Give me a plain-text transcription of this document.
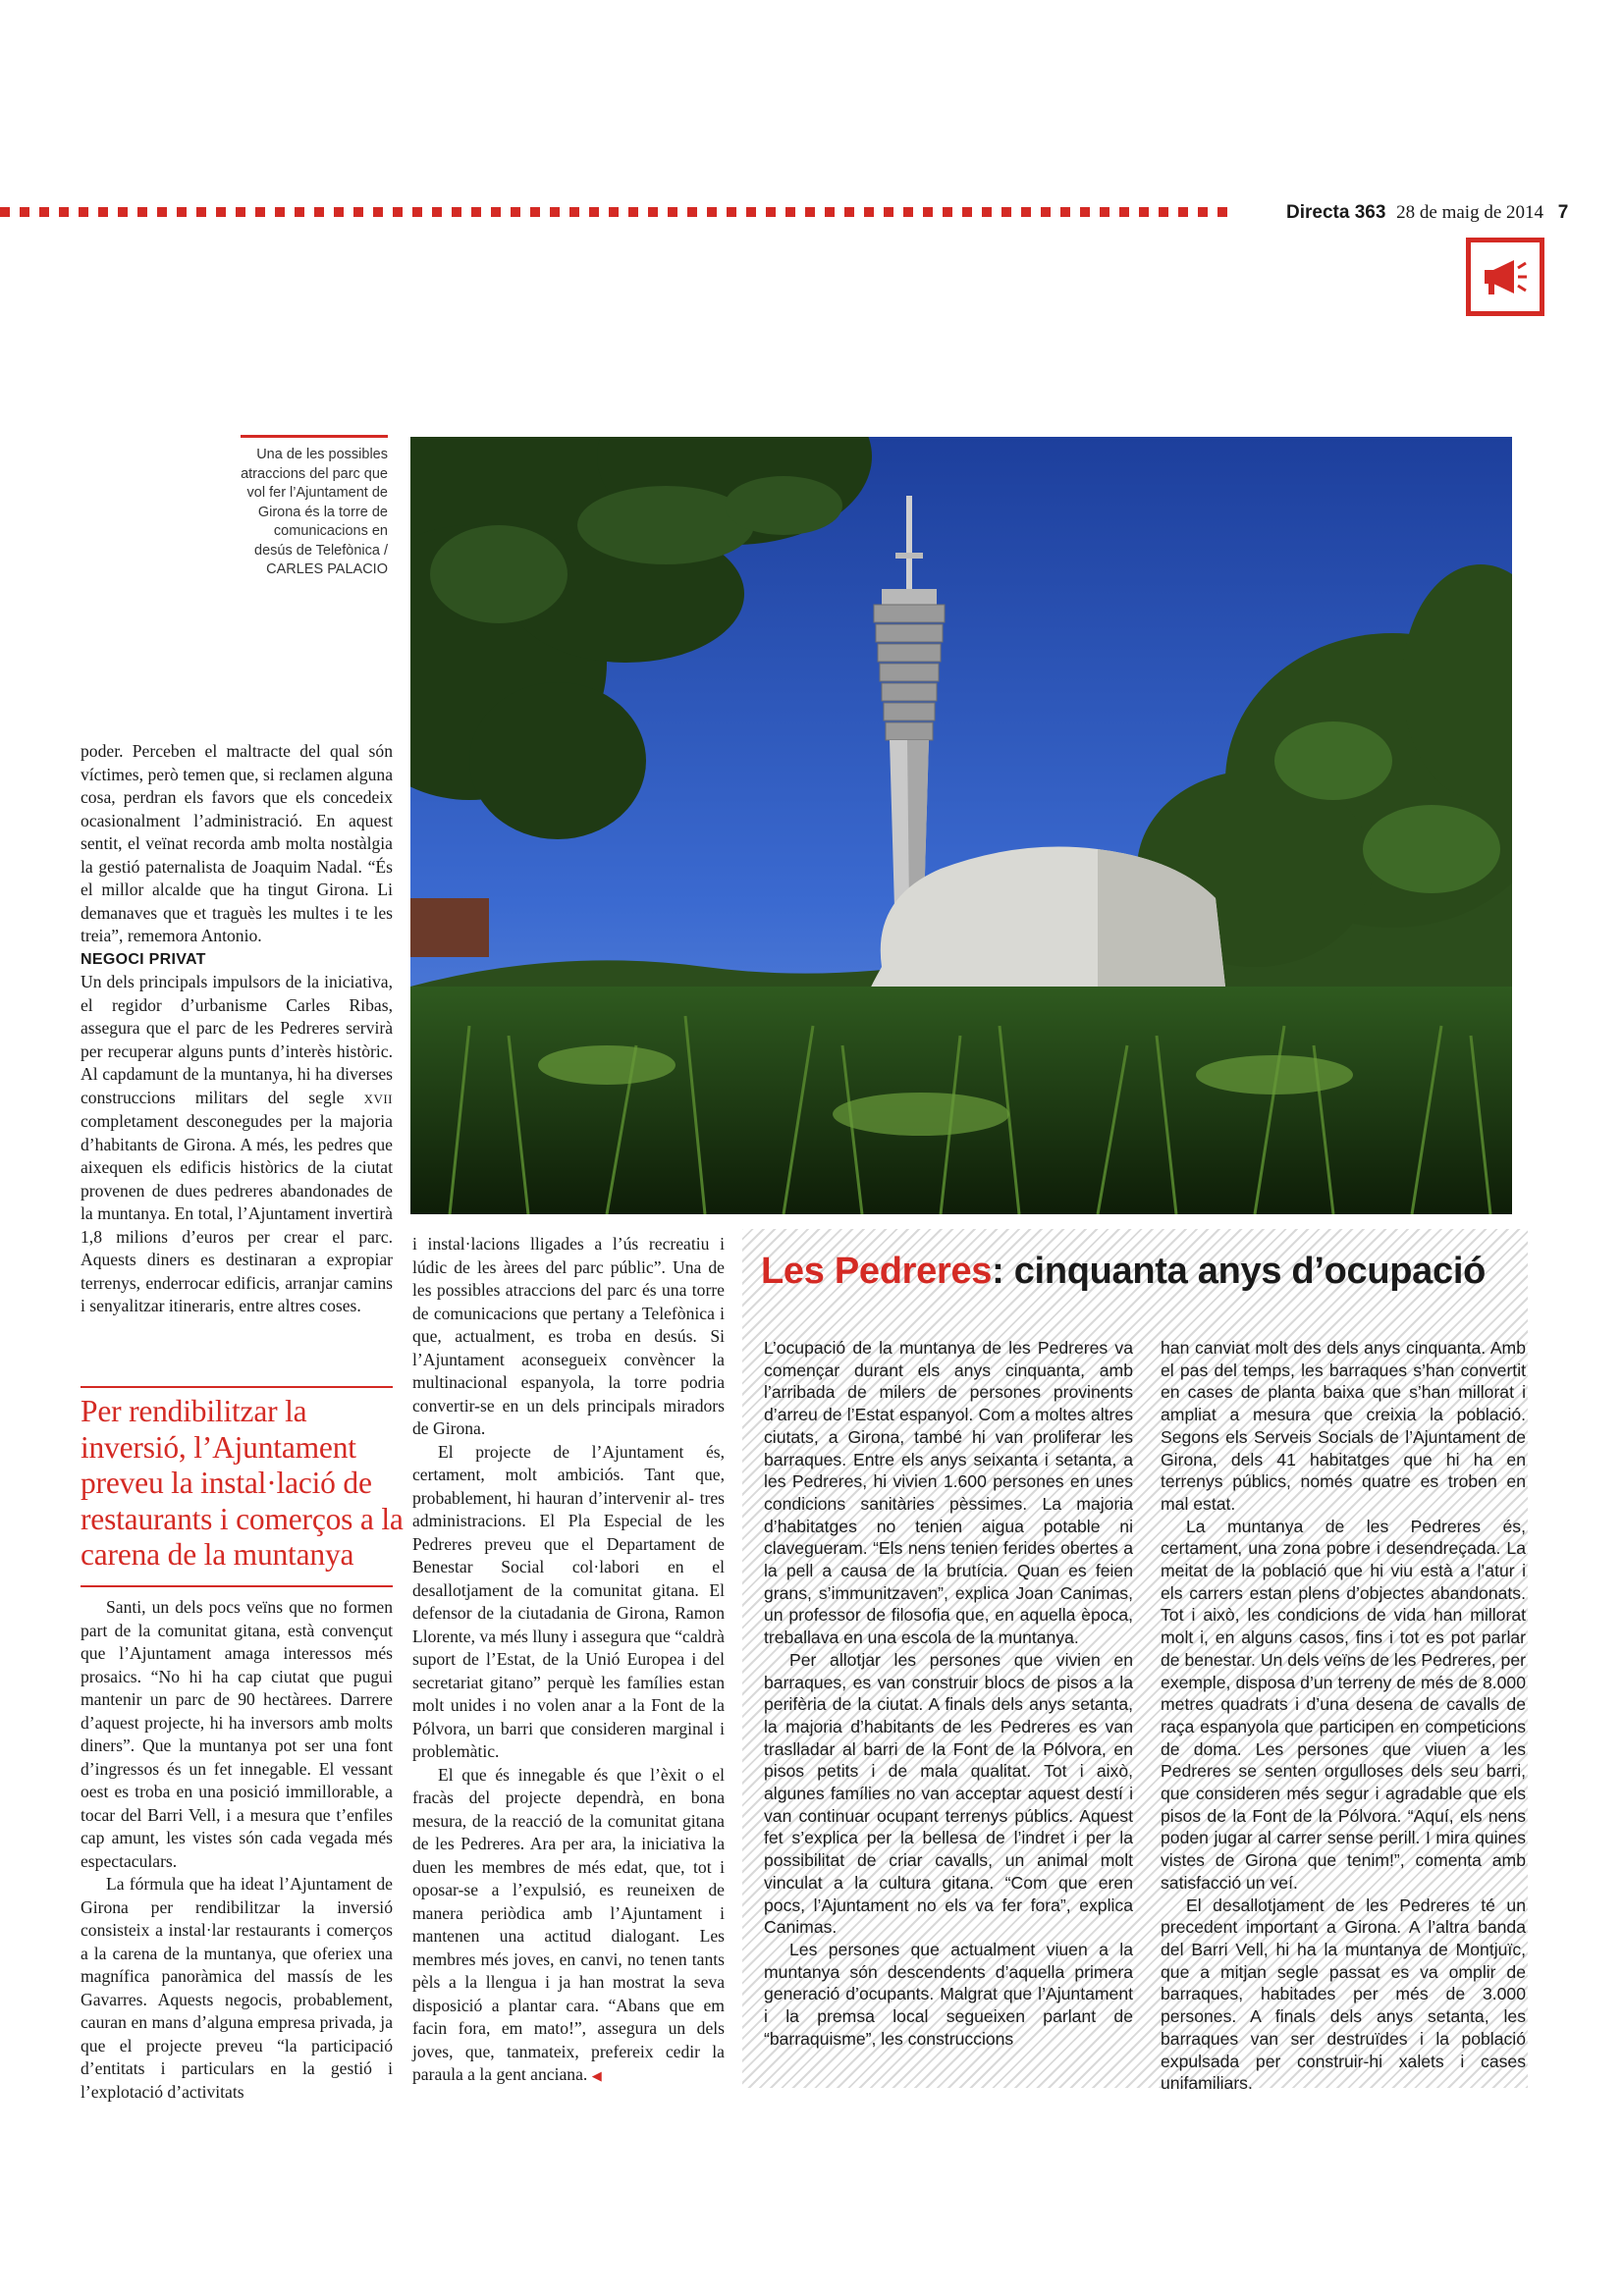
Directa 363 28 de maig de 2014 7
Una de les possibles atraccions del parc que vol fer l’Ajuntament de Girona és la torre de comunicacions en desús de Telefònica / CARLES PALACIO

poder. Perceben el maltracte del qual són víctimes, però temen que, si reclamen alguna cosa, perdran els favors que els concedeix ocasionalment l’administració. En aquest sentit, el veïnat recorda amb molta nostàlgia la gestió paternalista de Joaquim Nadal. “És el millor alcalde que ha tingut Girona. Li demanaves que et traguès les multes i te les treia”, rememora Antonio.

NEGOCI PRIVAT

Un dels principals impulsors de la iniciativa, el regidor d’urbanisme Carles Ribas, assegura que el parc de les Pedreres servirà per recuperar alguns punts d’interès històric. Al capdamunt de la muntanya, hi ha diverses construccions militars del segle XVII completament desconegudes per la majoria d’habitants de Girona. A més, les pedres que aixequen els edificis històrics de la ciutat provenen de dues pedreres abandonades de la muntanya. En total, l’Ajuntament invertirà 1,8 milions d’euros per crear el parc. Aquests diners es destinaran a expropiar terrenys, enderrocar edificis, arranjar camins i senyalitzar itineraris, entre altres coses.

Per rendibilitzar la inversió, l’Ajuntament preveu la instal·lació de restaurants i comerços a la carena de la muntanya

Santi, un dels pocs veïns que no formen part de la comunitat gitana, està convençut que l’Ajuntament amaga interessos més prosaics. “No hi ha cap ciutat que pugui mantenir un parc de 90 hectàrees. Darrere d’aquest projecte, hi ha inversors amb molts diners”. Que la muntanya pot ser una font d’ingressos és un fet innegable. El vessant oest es troba en una posició immillorable, a tocar del Barri Vell, i a mesura que t’enfiles cap amunt, les vistes són cada vegada més espectaculars.

La fórmula que ha ideat l’Ajuntament de Girona per rendibilitzar la inversió consisteix a instal·lar restaurants i comerços a la carena de la muntanya, que oferiex una magnífica panoràmica del massís de les Gavarres. Aquests negocis, probablement, cauran en mans d’alguna empresa privada, ja que el projecte preveu “la participació d’entitats i particulars en la gestió i l’explotació d’activitats

i instal·lacions lligades a l’ús recreatiu i lúdic de les àrees del parc públic”. Una de les possibles atraccions del parc és una torre de comunicacions que pertany a Telefònica i que, actualment, es troba en desús. Si l’Ajuntament aconsegueix convèncer la multinacional espanyola, la torre podria convertir-se en un dels principals miradors de Girona.

El projecte de l’Ajuntament és, certament, molt ambiciós. Tant que, probablement, hi hauran d’intervenir al- tres administracions. El Pla Especial de les Pedreres preveu que el Departament de Benestar Social col·labori en el desallotjament de la comunitat gitana. El defensor de la ciutadania de Girona, Ramon Llorente, va més lluny i assegura que “caldrà suport de l’Estat, de la Unió Europea i del secretariat gitano” perquè les famílies estan molt unides i no volen anar a la Font de la Pólvora, un barri que consideren marginal i problemàtic.

El que és innegable és que l’èxit o el fracàs del projecte dependrà, en bona mesura, de la reacció de la comunitat gitana de les Pedreres. Ara per ara, la iniciativa la duen les membres de més edat, que, tot i oposar-se a l’expulsió, es reuneixen de manera periòdica amb l’Ajuntament i mantenen una actitud dialogant. Les membres més joves, en canvi, no tenen tants pèls a la llengua i ja han mostrat la seva disposició a plantar cara. “Abans que em facin fora, em mato!”, assegura un dels joves, que, tanmateix, prefereix cedir la paraula a la gent anciana. ◀

Les Pedreres: cinquanta anys d’ocupació

L’ocupació de la muntanya de les Pedreres va començar durant els anys cinquanta, amb l’arribada de milers de persones provinents d’arreu de l’Estat espanyol. Com a moltes altres ciutats, a Girona, també hi van proliferar les barraques. Entre els anys seixanta i setanta, a les Pedreres, hi vivien 1.600 persones en unes condicions sanitàries pèssimes. La majoria d’habitatges no tenien aigua potable ni clavegueram. “Els nens tenien ferides obertes a la pell a causa de la brutícia. Quan es feien grans, s’immunitzaven”, explica Joan Canimas, un professor de filosofia que, en aquella època, treballava en una escola de la muntanya.

Per allotjar les persones que vivien en barraques, es van construir blocs de pisos a la perifèria de la ciutat. A finals dels anys setanta, la majoria d’habitants de les Pedreres es van traslladar al barri de la Font de la Pólvora, en pisos petits i de mala qualitat. Tot i això, algunes famílies no van acceptar aquest destí i van continuar ocupant terrenys públics. Aquest fet s’explica per la bellesa de l’indret i per la possibilitat de criar cavalls, un animal molt vinculat a la cultura gitana. “Com que eren pocs, l’Ajuntament no els va fer fora”, explica Canimas.

Les persones que actualment viuen a la muntanya són descendents d’aquella primera generació d’ocupants. Malgrat que l’Ajuntament i la premsa local segueixen parlant de “barraquisme”, les construccions

han canviat molt des dels anys cinquanta. Amb el pas del temps, les barraques s’han convertit en cases de planta baixa que s’han millorat i ampliat a mesura que creixia la població. Segons els Serveis Socials de l’Ajuntament de Girona, dels 41 habitatges que hi ha en terrenys públics, només quatre es troben en mal estat.

La muntanya de les Pedreres és, certament, una zona pobre i desendreçada. La meitat de la població que hi viu està a l’atur i els carrers estan plens d’objectes abandonats. Tot i això, les condicions de vida han millorat molt i, en alguns casos, fins i tot es pot parlar de benestar. Un dels veïns de les Pedreres, per exemple, disposa d’un terreny de més de 8.000 metres quadrats i d’una desena de cavalls de raça espanyola que participen en competicions de doma. Les persones que viuen a les Pedreres se senten orgulloses dels seu barri, que consideren més segur i agradable que els pisos de la Font de la Pólvora. “Aquí, els nens poden jugar al carrer sense perill. I mira quines vistes de Girona que tenim!”, comenta amb satisfacció un veí.

El desallotjament de les Pedreres té un precedent important a Girona. A l’altra banda del Barri Vell, hi ha la muntanya de Montjuïc, que a mitjan segle passat es va omplir de barraques, habitades per més de 3.000 persones. A finals dels anys setanta, les barraques van ser destruïdes i la població expulsada per construir-hi xalets i cases unifamiliars.
